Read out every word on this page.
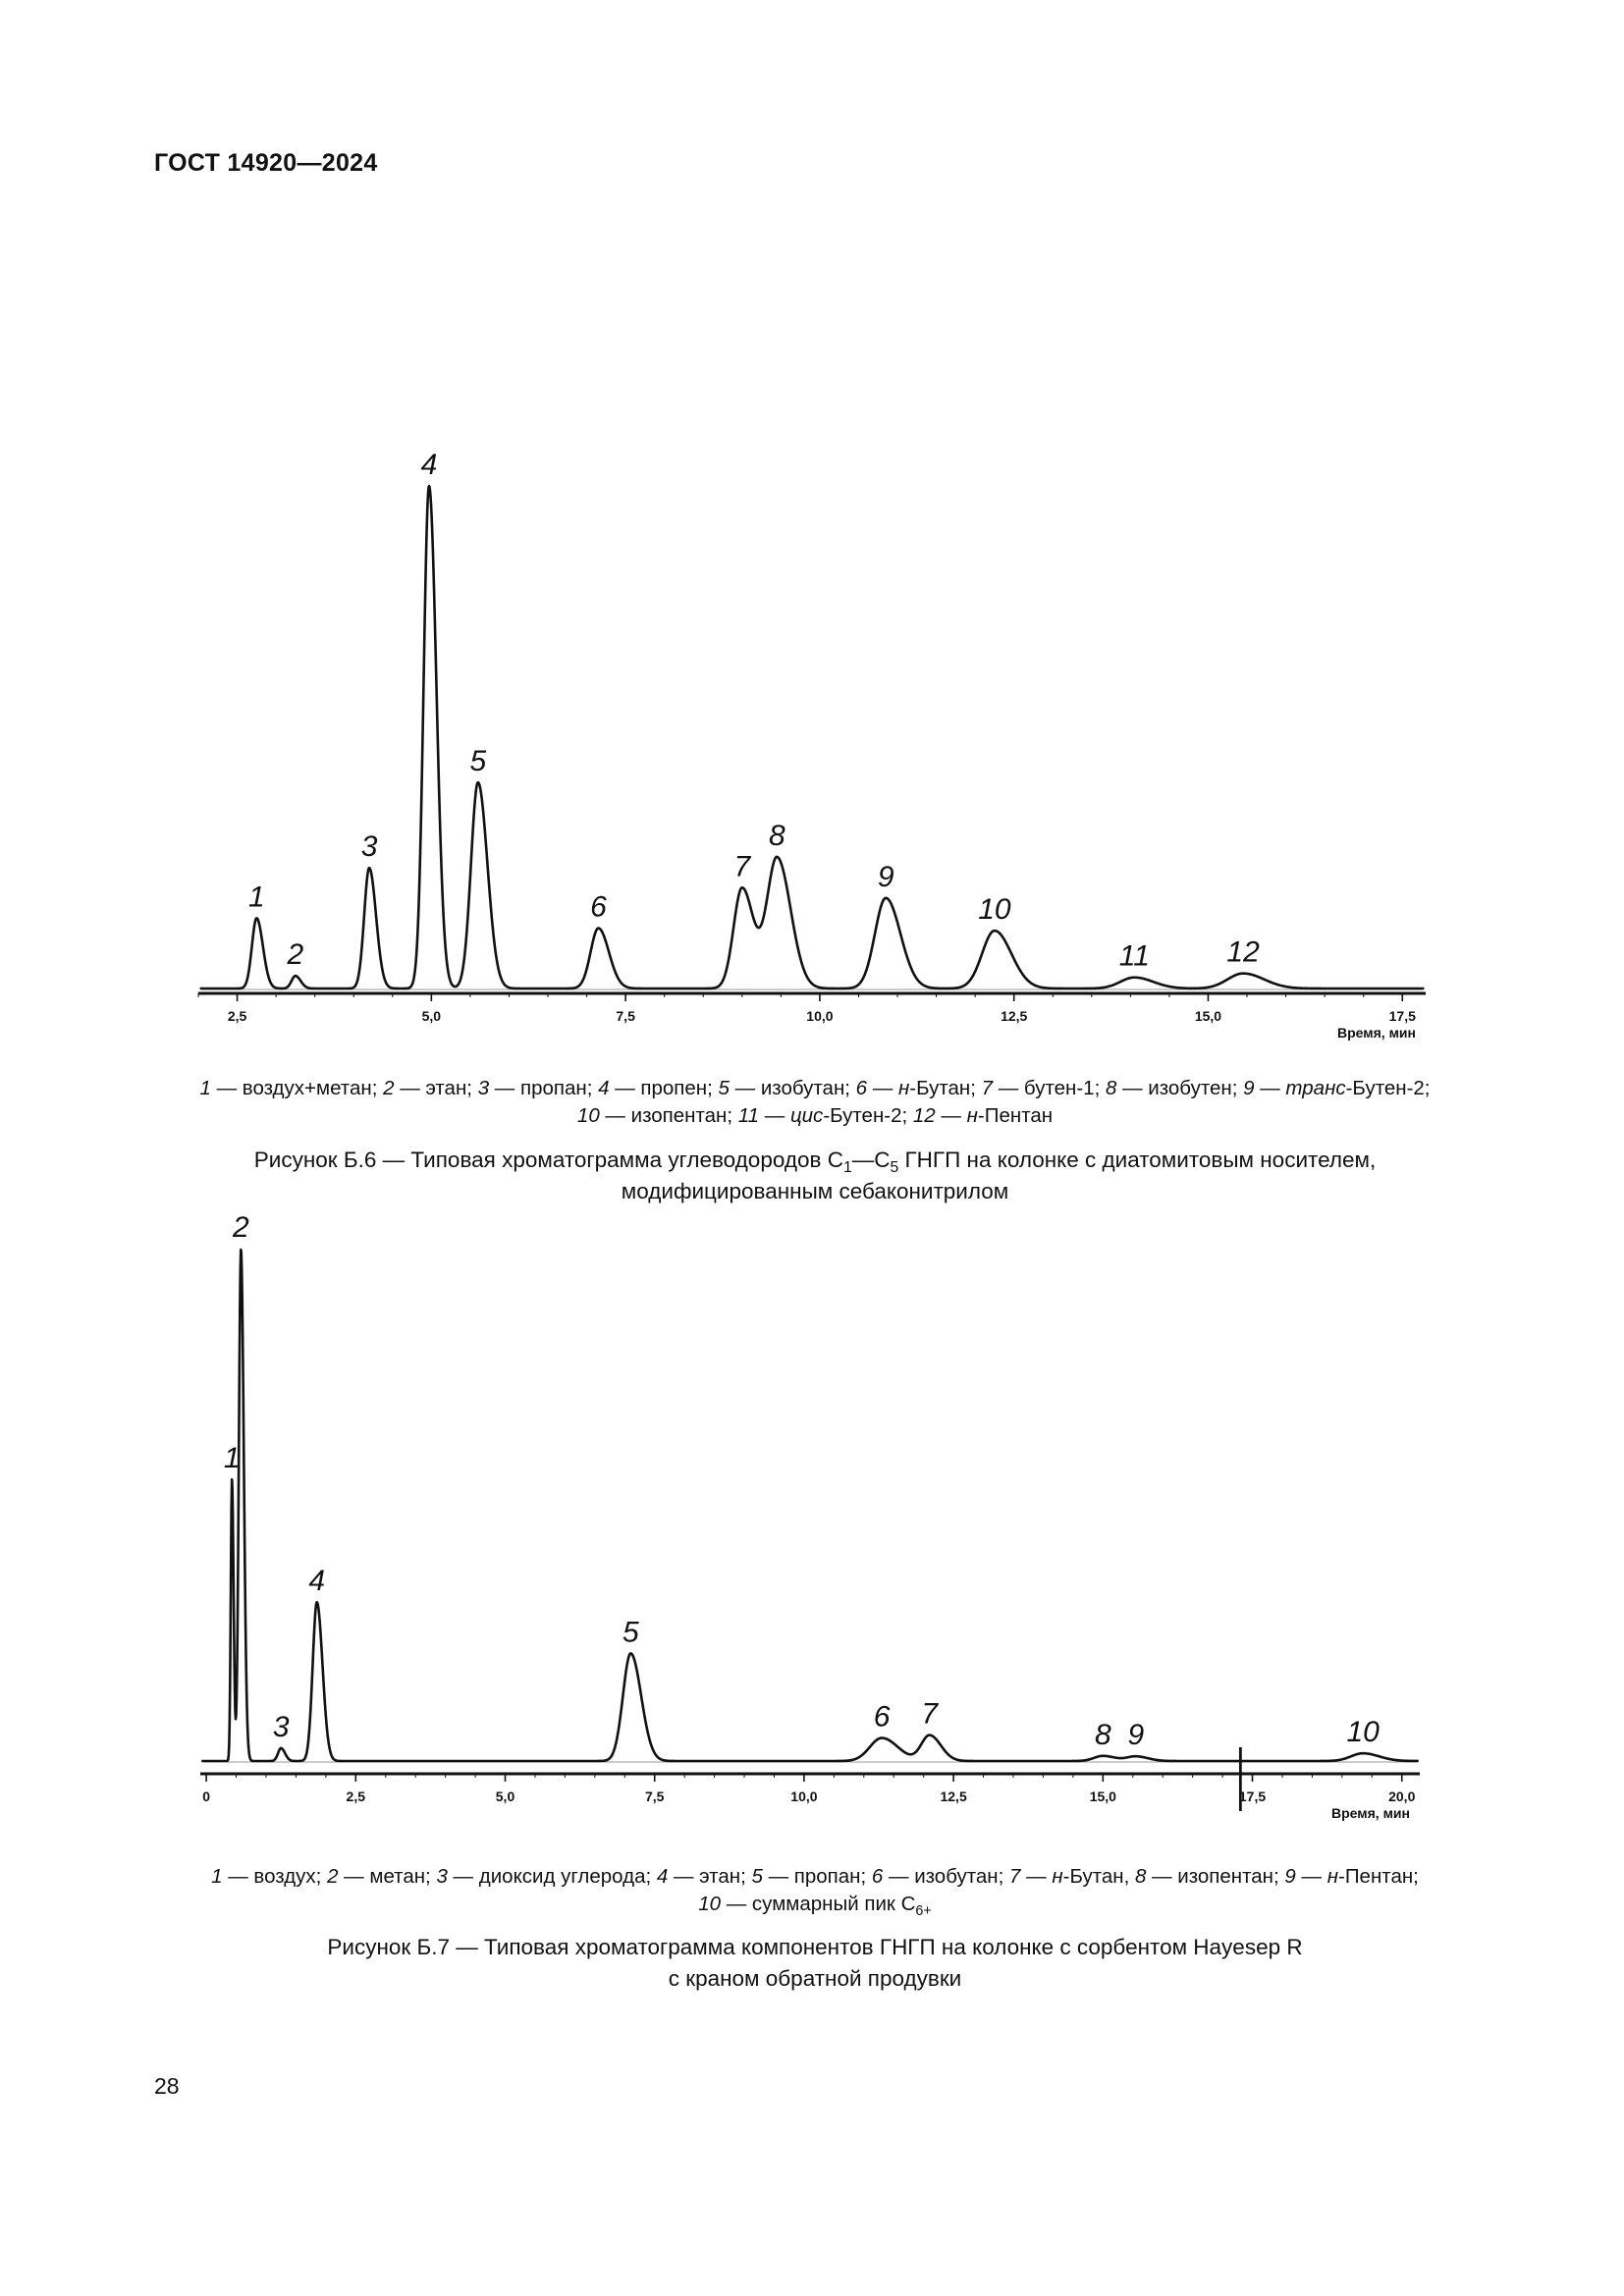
ГОСТ 14920—2024
2,5	5,0	7,5	10,0	12,5	15,0	17,5
Время, мин
1
2
3
4
5
6
7
8
9
10
11	12
1 — воздух+метан; 2 — этан; 3 — пропан; 4 — пропен; 5 — изобутан; 6 — н-Бутан; 7 — бутен-1; 8 — изобутен; 9 — транс-Бутен-2;
10 — изопентан; 11 — цис-Бутен-2; 12 — н-Пентан
Рисунок Б.6 — Типовая хроматограмма углеводородов $С_1—С_5$ ГНГП на колонке с диатомитовым носителем,
модифицированным себаконитрилом
0	2,5	5,0	7,5	10,0	12,5	15,0	17,5	20,0
Время, мин
1
2
3
4
5
6 7
8 9	10
1 — воздух; 2 — метан; 3 — диоксид углерода; 4 — этан; 5 — пропан; 6 — изобутан; 7 — н-Бутан, 8 — изопентан; 9 — н-Пентан;
10 — суммарный пик $С_{6+}$
Рисунок Б.7 — Типовая хроматограмма компонентов ГНГП на колонке с сорбентом Hayesep R
с краном обратной продувки
28
